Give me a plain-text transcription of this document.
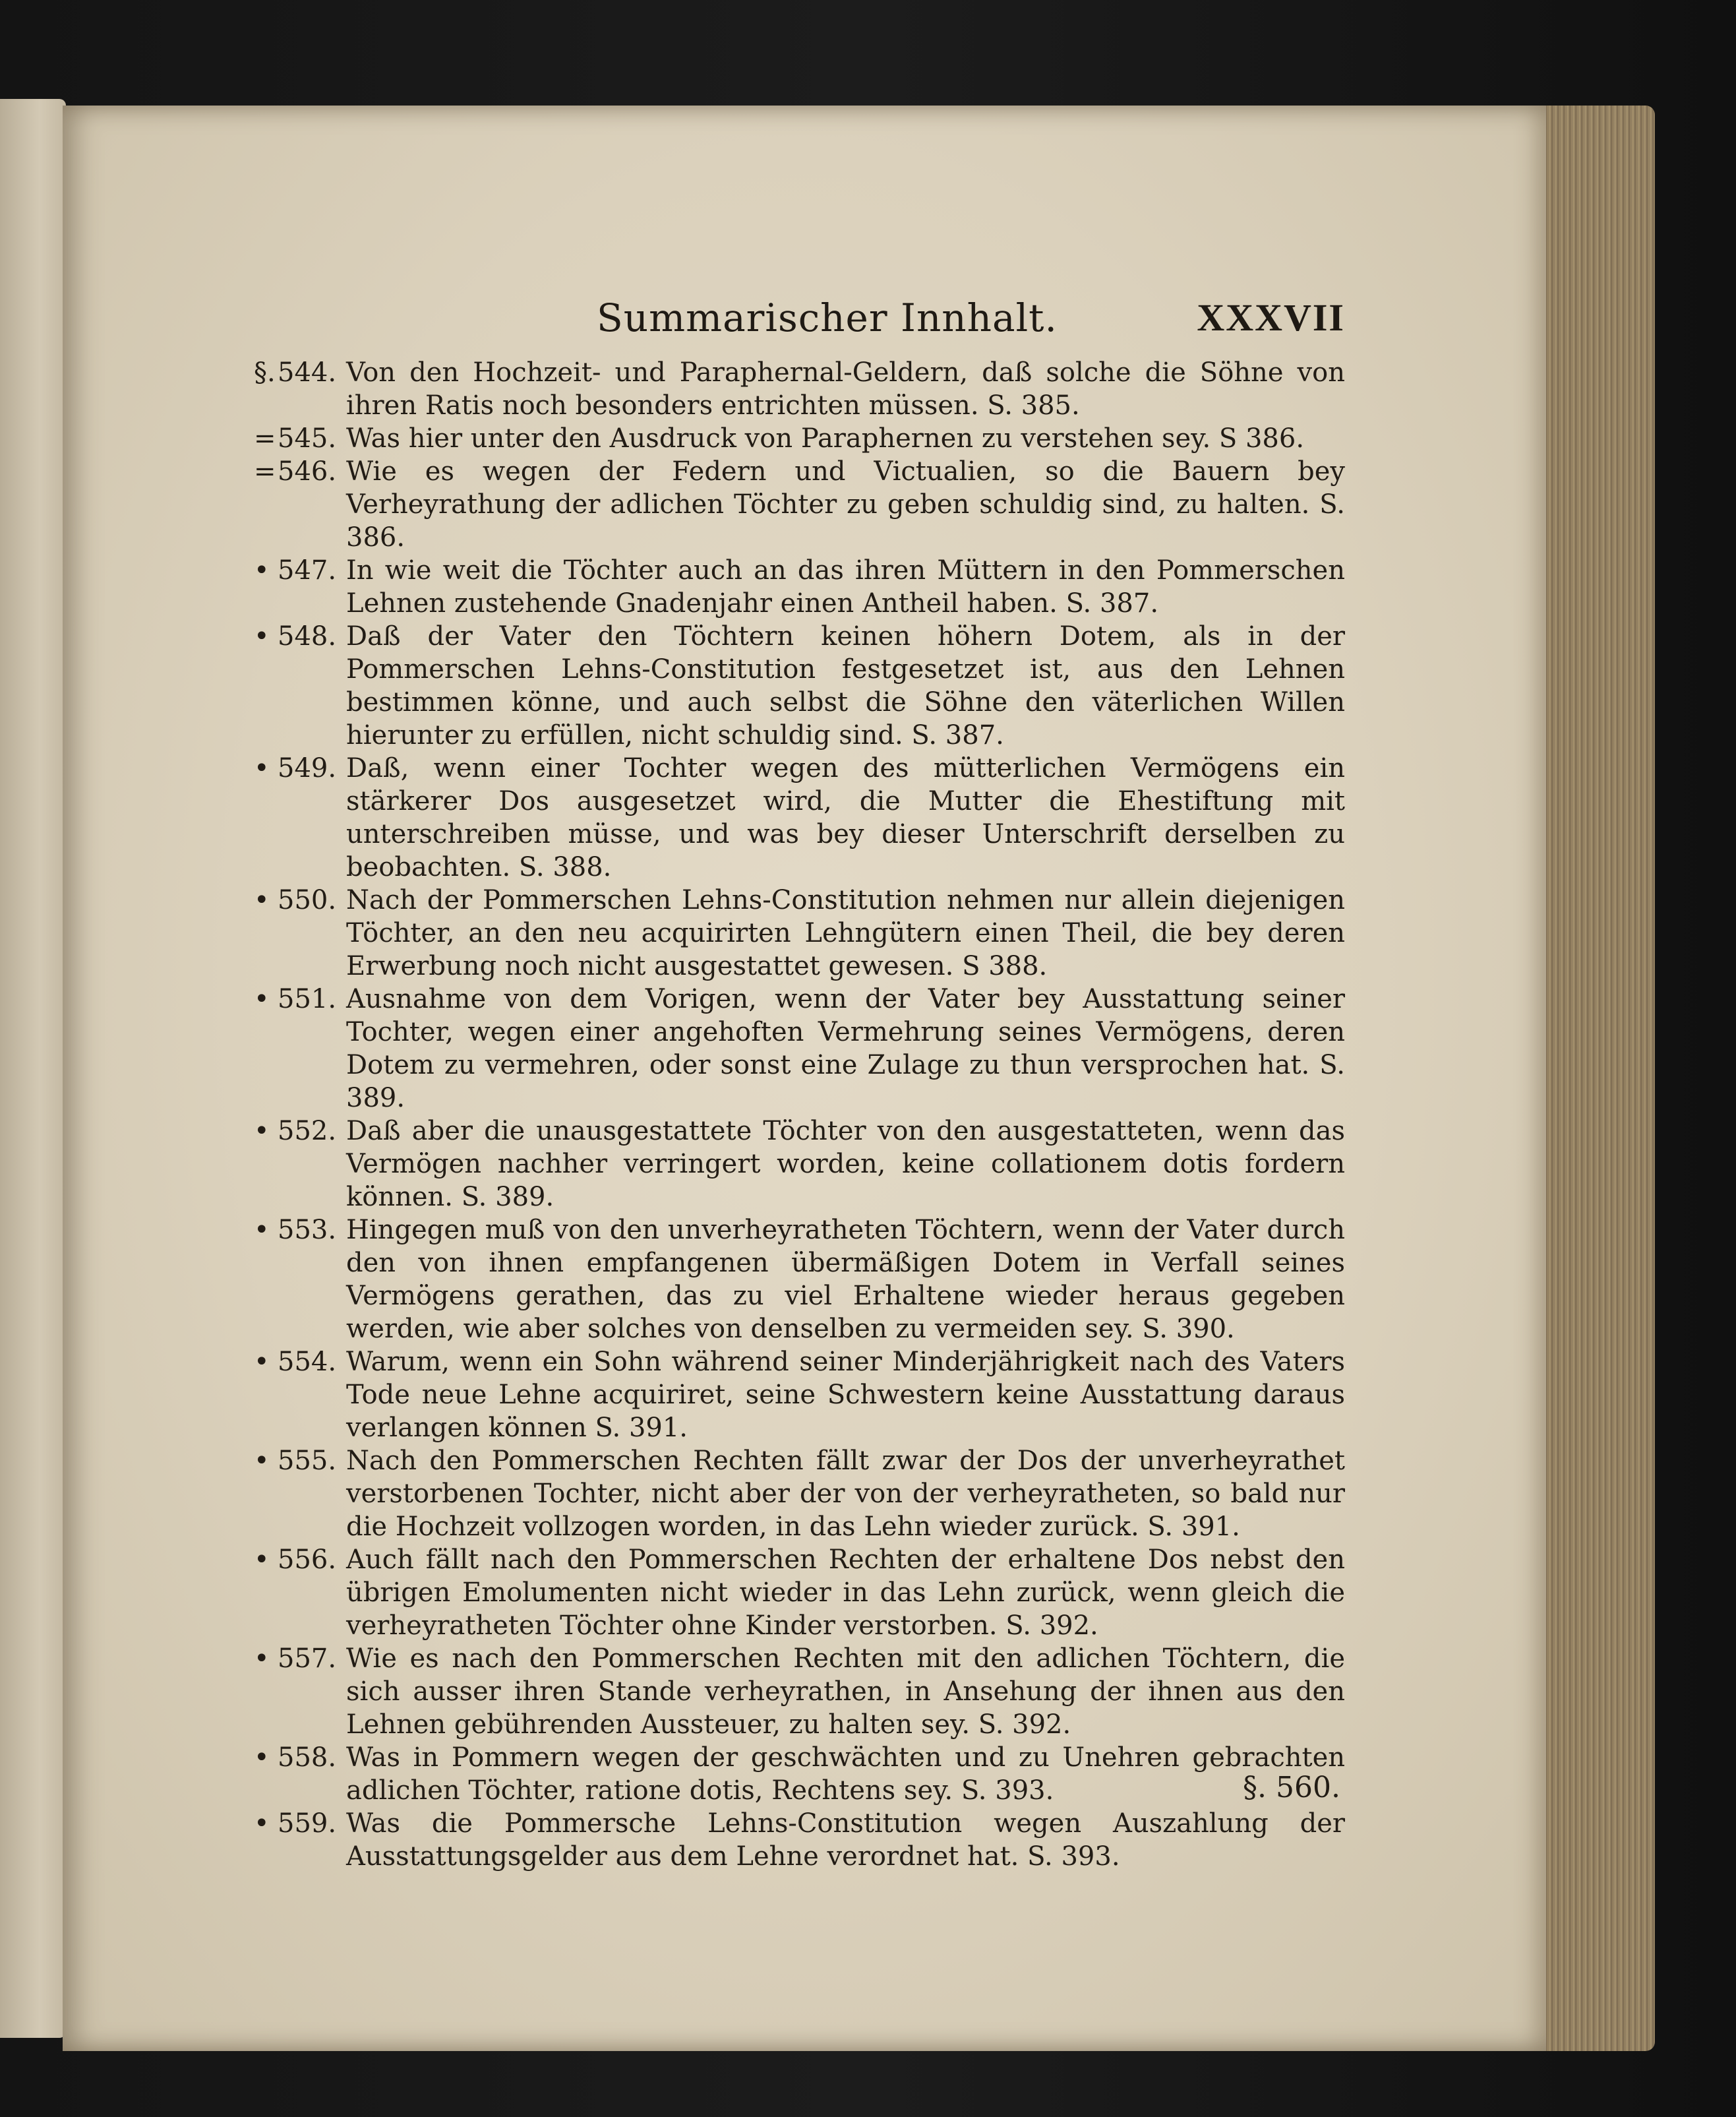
Summarischer Innhalt.	XXXVII
§.544. Von den Hochzeit- und Paraphernal-Geldern, daß solche die Söhne von ihren Ratis noch besonders entrichten müssen. S. 385.
=545. Was hier unter den Ausdruck von Paraphernen zu verstehen sey. S 386.
=546. Wie es wegen der Federn und Victualien, so die Bauern bey Verheyrathung der adlichen Töchter zu geben schuldig sind, zu halten. S. 386.
• 547. In wie weit die Töchter auch an das ihren Müttern in den Pommerschen Lehnen zustehende Gnadenjahr einen Antheil haben. S. 387.
• 548. Daß der Vater den Töchtern keinen höhern Dotem, als in der Pommerschen Lehns-Constitution festgesetzet ist, aus den Lehnen bestimmen könne, und auch selbst die Söhne den väterlichen Willen hierunter zu erfüllen, nicht schuldig sind. S. 387.
• 549. Daß, wenn einer Tochter wegen des mütterlichen Vermögens ein stärkerer Dos ausgesetzet wird, die Mutter die Ehestiftung mit unterschreiben müsse, und was bey dieser Unterschrift derselben zu beobachten. S. 388.
• 550. Nach der Pommerschen Lehns-Constitution nehmen nur allein diejenigen Töchter, an den neu acquirirten Lehngütern einen Theil, die bey deren Erwerbung noch nicht ausgestattet gewesen. S 388.
• 551. Ausnahme von dem Vorigen, wenn der Vater bey Ausstattung seiner Tochter, wegen einer angehoften Vermehrung seines Vermögens, deren Dotem zu vermehren, oder sonst eine Zulage zu thun versprochen hat. S. 389.
• 552. Daß aber die unausgestattete Töchter von den ausgestatteten, wenn das Vermögen nachher verringert worden, keine collationem dotis fordern können. S. 389.
• 553. Hingegen muß von den unverheyratheten Töchtern, wenn der Vater durch den von ihnen empfangenen übermäßigen Dotem in Verfall seines Vermögens gerathen, das zu viel Erhaltene wieder heraus gegeben werden, wie aber solches von denselben zu vermeiden sey. S. 390.
• 554. Warum, wenn ein Sohn während seiner Minderjährigkeit nach des Vaters Tode neue Lehne acquiriret, seine Schwestern keine Ausstattung daraus verlangen können S. 391.
• 555. Nach den Pommerschen Rechten fällt zwar der Dos der unverheyrathet verstorbenen Tochter, nicht aber der von der verheyratheten, so bald nur die Hochzeit vollzogen worden, in das Lehn wieder zurück. S. 391.
• 556. Auch fällt nach den Pommerschen Rechten der erhaltene Dos nebst den übrigen Emolumenten nicht wieder in das Lehn zurück, wenn gleich die verheyratheten Töchter ohne Kinder verstorben. S. 392.
• 557. Wie es nach den Pommerschen Rechten mit den adlichen Töchtern, die sich ausser ihren Stande verheyrathen, in Ansehung der ihnen aus den Lehnen gebührenden Aussteuer, zu halten sey. S. 392.
• 558. Was in Pommern wegen der geschwächten und zu Unehren gebrachten adlichen Töchter, ratione dotis, Rechtens sey. S. 393.
• 559. Was die Pommersche Lehns-Constitution wegen Auszahlung der Ausstattungsgelder aus dem Lehne verordnet hat. S. 393.
§. 560.
